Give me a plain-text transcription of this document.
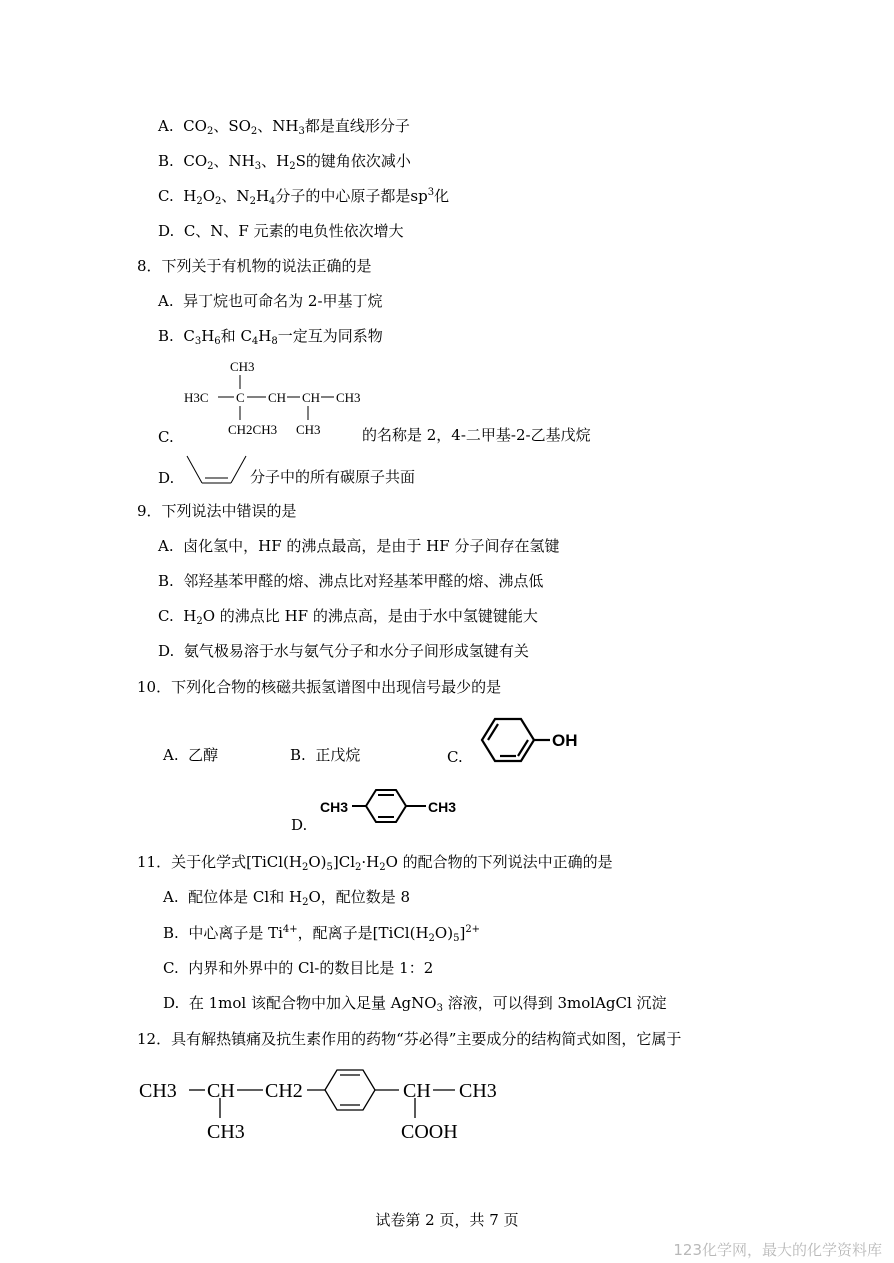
A. $CO_2$、$SO_2$、$NH_3$都是直线形分子
B. $CO_2$、$NH_3$、$H_2S$的键角依次减小
C. $H_2O_2$、$N_2H_4$分子的中心原子都是$sp^3$化
D. C、N、F 元素的电负性依次增大
8．下列关于有机物的说法正确的是
A. 异丁烷也可命名为 2-甲基丁烷
B. $C_3H_6$和 $C_4H_8$一定互为同系物
CH3
H3C C CH CH CH3
CH2CH3 CH3
C.	的名称是 2，4-二甲基-2-乙基戊烷
D.	分子中的所有碳原子共面
9．下列说法中错误的是
A. 卤化氢中，HF 的沸点最高，是由于 HF 分子间存在氢键
B. 邻羟基苯甲醛的熔、沸点比对羟基苯甲醛的熔、沸点低
C. $H_2O$ 的沸点比 HF 的沸点高，是由于水中氢键键能大
D. 氨气极易溶于水与氨气分子和水分子间形成氢键有关
10．下列化合物的核磁共振氢谱图中出现信号最少的是
A. 乙醇	B. 正戊烷	C.
OH
D.
CH3	CH3
11．关于化学式$[TiCl(H_2O)_5]Cl_2\cdot H_2O$ 的配合物的下列说法中正确的是
A. 配位体是 Cl和 $H_2O$，配位数是 8
B. 中心离子是 $Ti^{4+}$，配离子是$[TiCl(H_2O)_5]^{2+}$
C. 内界和外界中的 Cl-的数目比是 1：2
D. 在 1mol 该配合物中加入足量 AgNO$_3$ 溶液，可以得到 3molAgCl 沉淀
12．具有解热镇痛及抗生素作用的药物“芬必得”主要成分的结构简式如图，它属于
CH3 CH CH2	CH CH3
CH3	COOH
试卷第 2 页，共 7 页
123化学网，最大的化学资料库
